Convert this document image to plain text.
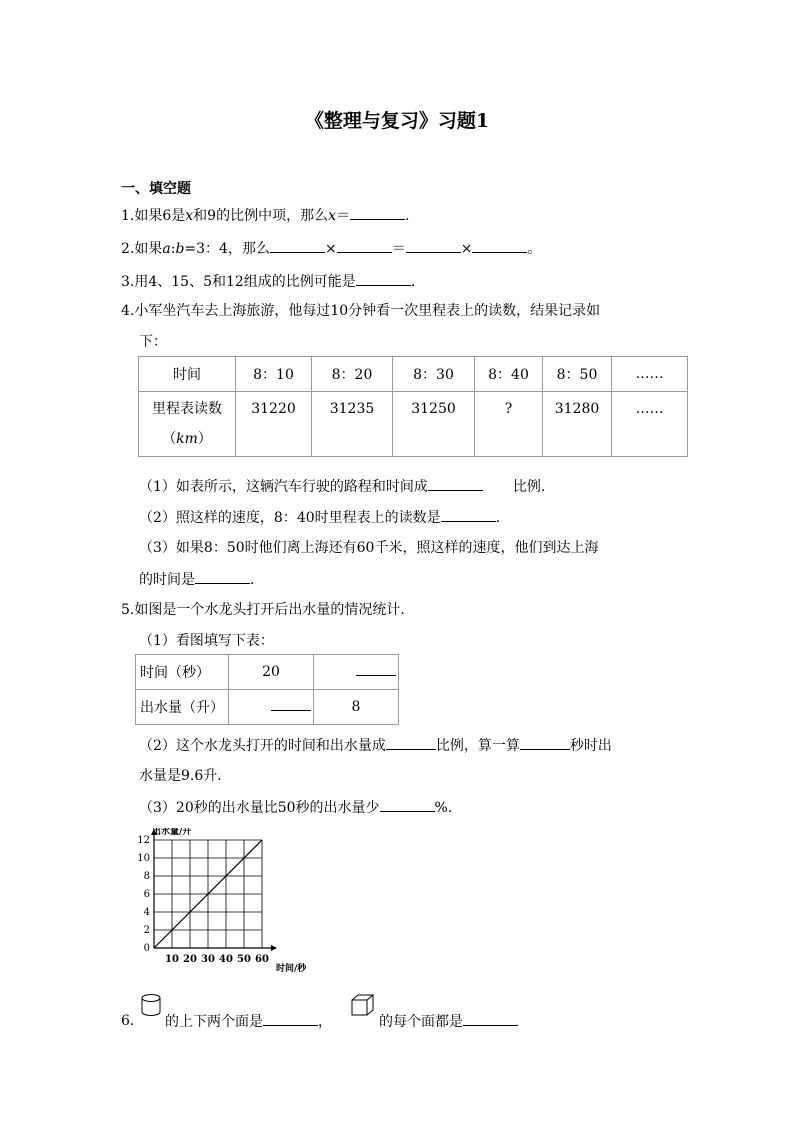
《整理与复习》习题1
一、填空题
1.如果6是x和9的比例中项，那么x＝	.
2.如果a:b=3：4，那么	×	＝	×	。
3.用4、15、5和12组成的比例可能是	.
4.小军坐汽车去上海旅游，他每过10分钟看一次里程表上的读数，结果记录如
下：
时间	8：10	8：20	8：30	8：40	8：50	……

里程表读数
（km）	31220	31235	31250	?	31280	……
（1）如表所示，这辆汽车行驶的路程和时间成	比例.
（2）照这样的速度，8：40时里程表上的读数是	.
（3）如果8：50时他们离上海还有60千米，照这样的速度，他们到达上海
的时间是	.
5.如图是一个水龙头打开后出水量的情况统计.
（1）看图填写下表：
时间（秒）	20	
出水量（升）		8
（2）这个水龙头打开的时间和出水量成	比例，算一算	秒时出
水量是9.6升.
（3）20秒的出水量比50秒的出水量少	%.
0
2
4
6
8
10
12
10 20 30 40 50 60
出水量/升
时间/秒
6. 的上下两个面是	，	的每个面都是
